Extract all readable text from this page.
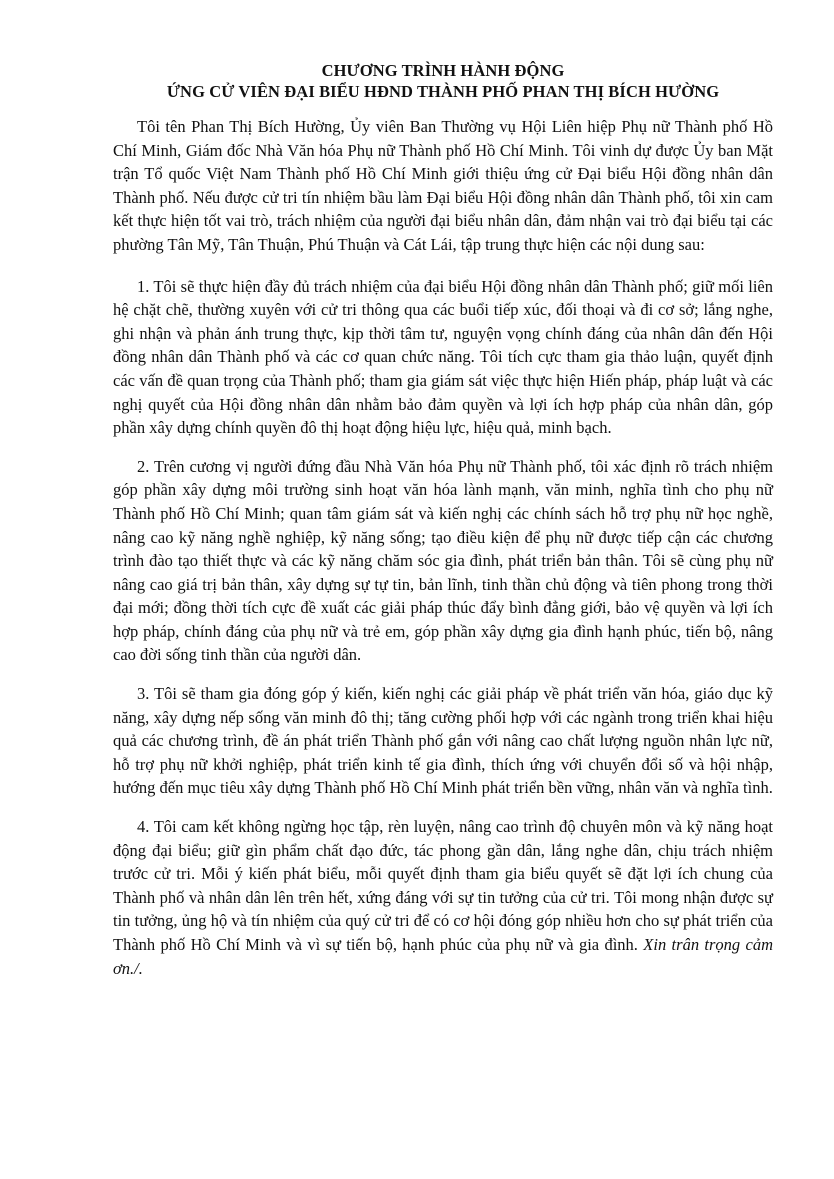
CHƯƠNG TRÌNH HÀNH ĐỘNG
ỨNG CỬ VIÊN ĐẠI BIỂU HĐND THÀNH PHỐ PHAN THỊ BÍCH HƯỜNG

Tôi tên Phan Thị Bích Hường, Ủy viên Ban Thường vụ Hội Liên hiệp Phụ nữ Thành phố Hồ Chí Minh, Giám đốc Nhà Văn hóa Phụ nữ Thành phố Hồ Chí Minh. Tôi vinh dự được Ủy ban Mặt trận Tổ quốc Việt Nam Thành phố Hồ Chí Minh giới thiệu ứng cử Đại biểu Hội đồng nhân dân Thành phố. Nếu được cử tri tín nhiệm bầu làm Đại biểu Hội đồng nhân dân Thành phố, tôi xin cam kết thực hiện tốt vai trò, trách nhiệm của người đại biểu nhân dân, đảm nhận vai trò đại biểu tại các phường Tân Mỹ, Tân Thuận, Phú Thuận và Cát Lái, tập trung thực hiện các nội dung sau:

1. Tôi sẽ thực hiện đầy đủ trách nhiệm của đại biểu Hội đồng nhân dân Thành phố; giữ mối liên hệ chặt chẽ, thường xuyên với cử tri thông qua các buổi tiếp xúc, đối thoại và đi cơ sở; lắng nghe, ghi nhận và phản ánh trung thực, kịp thời tâm tư, nguyện vọng chính đáng của nhân dân đến Hội đồng nhân dân Thành phố và các cơ quan chức năng. Tôi tích cực tham gia thảo luận, quyết định các vấn đề quan trọng của Thành phố; tham gia giám sát việc thực hiện Hiến pháp, pháp luật và các nghị quyết của Hội đồng nhân dân nhằm bảo đảm quyền và lợi ích hợp pháp của nhân dân, góp phần xây dựng chính quyền đô thị hoạt động hiệu lực, hiệu quả, minh bạch.

2. Trên cương vị người đứng đầu Nhà Văn hóa Phụ nữ Thành phố, tôi xác định rõ trách nhiệm góp phần xây dựng môi trường sinh hoạt văn hóa lành mạnh, văn minh, nghĩa tình cho phụ nữ Thành phố Hồ Chí Minh; quan tâm giám sát và kiến nghị các chính sách hỗ trợ phụ nữ học nghề, nâng cao kỹ năng nghề nghiệp, kỹ năng sống; tạo điều kiện để phụ nữ được tiếp cận các chương trình đào tạo thiết thực và các kỹ năng chăm sóc gia đình, phát triển bản thân. Tôi sẽ cùng phụ nữ nâng cao giá trị bản thân, xây dựng sự tự tin, bản lĩnh, tinh thần chủ động và tiên phong trong thời đại mới; đồng thời tích cực đề xuất các giải pháp thúc đẩy bình đẳng giới, bảo vệ quyền và lợi ích hợp pháp, chính đáng của phụ nữ và trẻ em, góp phần xây dựng gia đình hạnh phúc, tiến bộ, nâng cao đời sống tinh thần của người dân.

3. Tôi sẽ tham gia đóng góp ý kiến, kiến nghị các giải pháp về phát triển văn hóa, giáo dục kỹ năng, xây dựng nếp sống văn minh đô thị; tăng cường phối hợp với các ngành trong triển khai hiệu quả các chương trình, đề án phát triển Thành phố gắn với nâng cao chất lượng nguồn nhân lực nữ, hỗ trợ phụ nữ khởi nghiệp, phát triển kinh tế gia đình, thích ứng với chuyển đổi số và hội nhập, hướng đến mục tiêu xây dựng Thành phố Hồ Chí Minh phát triển bền vững, nhân văn và nghĩa tình.

4. Tôi cam kết không ngừng học tập, rèn luyện, nâng cao trình độ chuyên môn và kỹ năng hoạt động đại biểu; giữ gìn phẩm chất đạo đức, tác phong gần dân, lắng nghe dân, chịu trách nhiệm trước cử tri. Mỗi ý kiến phát biểu, mỗi quyết định tham gia biểu quyết sẽ đặt lợi ích chung của Thành phố và nhân dân lên trên hết, xứng đáng với sự tin tưởng của cử tri. Tôi mong nhận được sự tin tưởng, ủng hộ và tín nhiệm của quý cử tri để có cơ hội đóng góp nhiều hơn cho sự phát triển của Thành phố Hồ Chí Minh và vì sự tiến bộ, hạnh phúc của phụ nữ và gia đình. Xin trân trọng cảm ơn./.
